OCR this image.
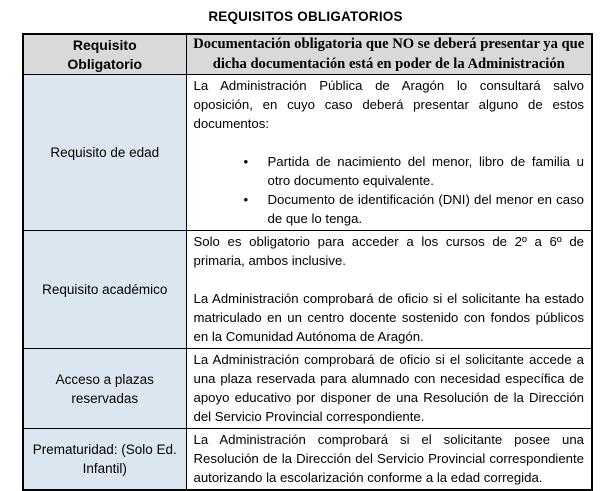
REQUISITOS OBLIGATORIOS
Requisito Obligatorio	Documentación obligatoria que NO se deberá presentar ya que dicha documentación está en poder de la Administración
Requisito de edad	La Administración Pública de Aragón lo consultará salvo oposición, en cuyo caso deberá presentar alguno de estos documentos:

• Partida de nacimiento del menor, libro de familia u otro documento equivalente.
• Documento de identificación (DNI) del menor en caso de que lo tenga.

Requisito académico	Solo es obligatorio para acceder a los cursos de 2º a 6º de primaria, ambos inclusive.

La Administración comprobará de oficio si el solicitante ha estado matriculado en un centro docente sostenido con fondos públicos en la Comunidad Autónoma de Aragón.

Acceso a plazas reservadas	La Administración comprobará de oficio si el solicitante accede a una plaza reservada para alumnado con necesidad específica de apoyo educativo por disponer de una Resolución de la Dirección del Servicio Provincial correspondiente.

Prematuridad: (Solo Ed. Infantil)	La Administración comprobará si el solicitante posee una Resolución de la Dirección del Servicio Provincial correspondiente autorizando la escolarización conforme a la edad corregida.
